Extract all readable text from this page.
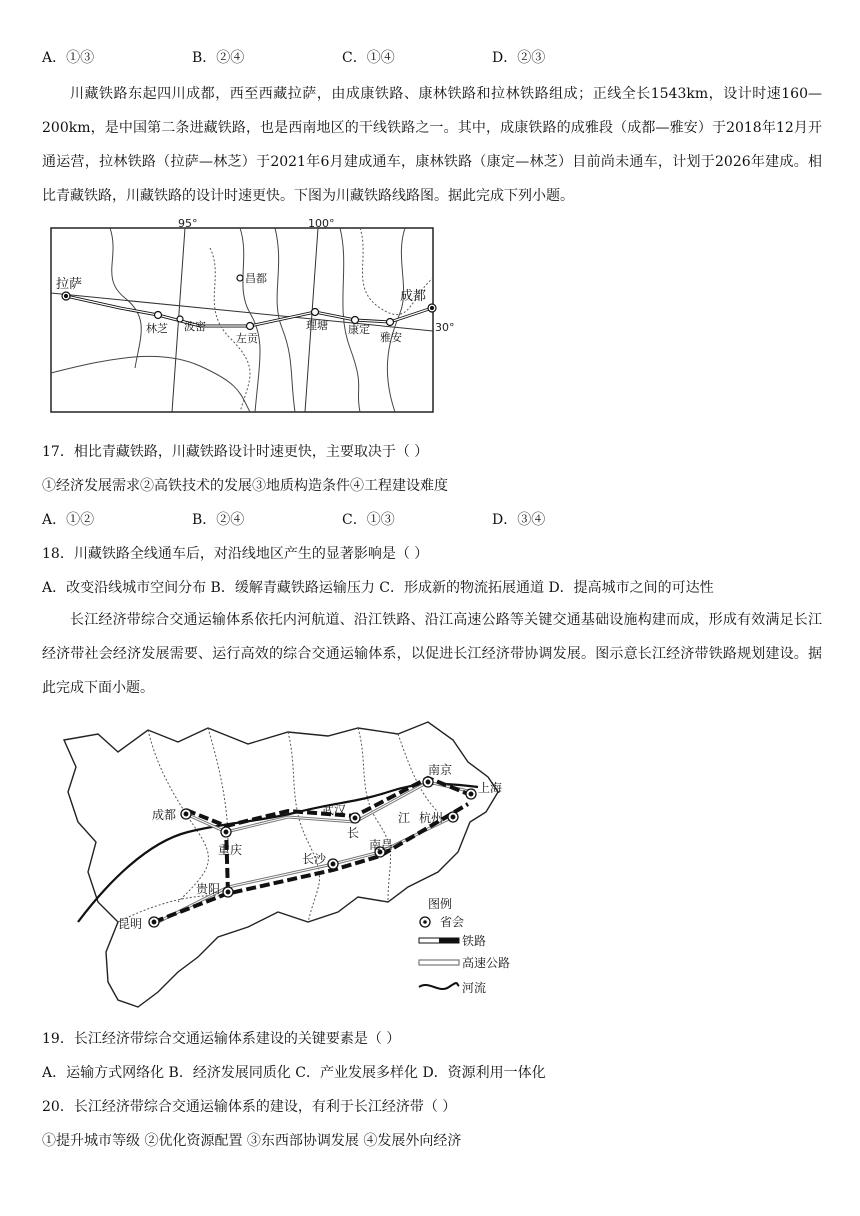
A．①③	B．②④	C．①④	D．②③
川藏铁路东起四川成都，西至西藏拉萨，由成康铁路、康林铁路和拉林铁路组成；正线全长1543km，设计时速160—200km，是中国第二条进藏铁路，也是西南地区的干线铁路之一。其中，成康铁路的成雅段（成都—雅安）于2018年12月开通运营，拉林铁路（拉萨—林芝）于2021年6月建成通车，康林铁路（康定—林芝）目前尚未通车，计划于2026年建成。相比青藏铁路，川藏铁路的设计时速更快。下图为川藏铁路线路图。据此完成下列小题。
95°	100°
30°
拉萨
林芝 波密
昌都
左贡
理塘 康定
雅安
成都
17．相比青藏铁路，川藏铁路设计时速更快，主要取决于（ ）
①经济发展需求②高铁技术的发展③地质构造条件④工程建设难度
A．①②	B．②④	C．①③	D．③④
18．川藏铁路全线通车后，对沿线地区产生的显著影响是（ ）
A．改变沿线城市空间分布 B．缓解青藏铁路运输压力 C．形成新的物流拓展通道 D．提高城市之间的可达性
长江经济带综合交通运输体系依托内河航道、沿江铁路、沿江高速公路等关键交通基础设施构建而成，形成有效满足长江经济带社会经济发展需要、运行高效的综合交通运输体系，以促进长江经济带协调发展。图示意长江经济带铁路规划建设。据此完成下面小题。
成都
重庆
武汉
南京
上海
杭州
长沙
南昌
贵阳
昆明
长
江
图例
省会
铁路
高速公路
河流
19．长江经济带综合交通运输体系建设的关键要素是（ ）
A．运输方式网络化 B．经济发展同质化 C．产业发展多样化 D．资源利用一体化
20．长江经济带综合交通运输体系的建设，有利于长江经济带（ ）
①提升城市等级 ②优化资源配置 ③东西部协调发展 ④发展外向经济
